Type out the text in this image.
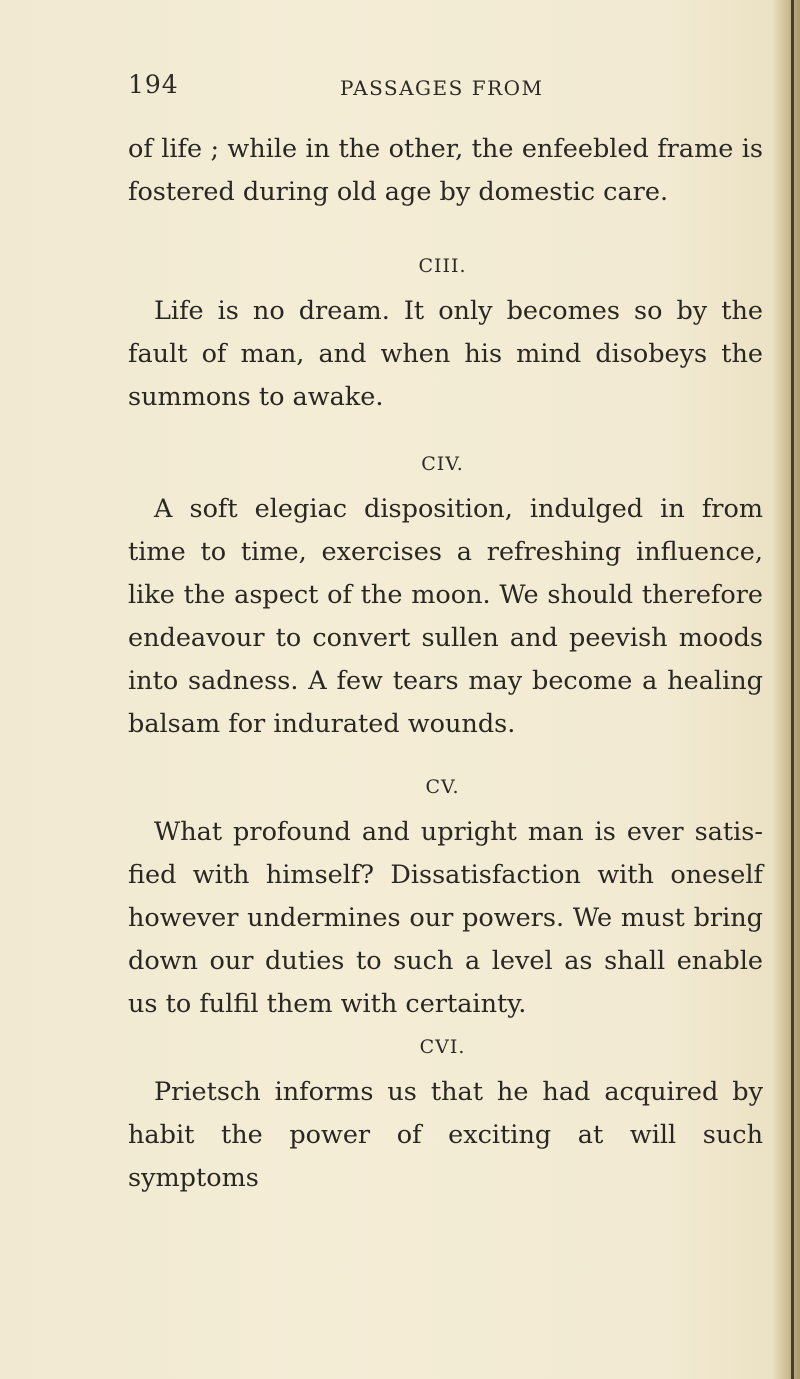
194	PASSAGES FROM

of life ; while in the other, the enfeebled frame is fostered during old age by domestic care.

CIII.

Life is no dream. It only becomes so by the fault of man, and when his mind disobeys the summons to awake.

CIV.

A soft elegiac disposition, indulged in from time to time, exercises a refreshing influence, like the aspect of the moon. We should therefore endeavour to convert sullen and peevish moods into sadness. A few tears may become a healing balsam for indurated wounds.

CV.

What profound and upright man is ever satis-fied with himself? Dissatisfaction with oneself however undermines our powers. We must bring down our duties to such a level as shall enable us to fulfil them with certainty.

CVI.

Prietsch informs us that he had acquired by habit the power of exciting at will such symptoms
